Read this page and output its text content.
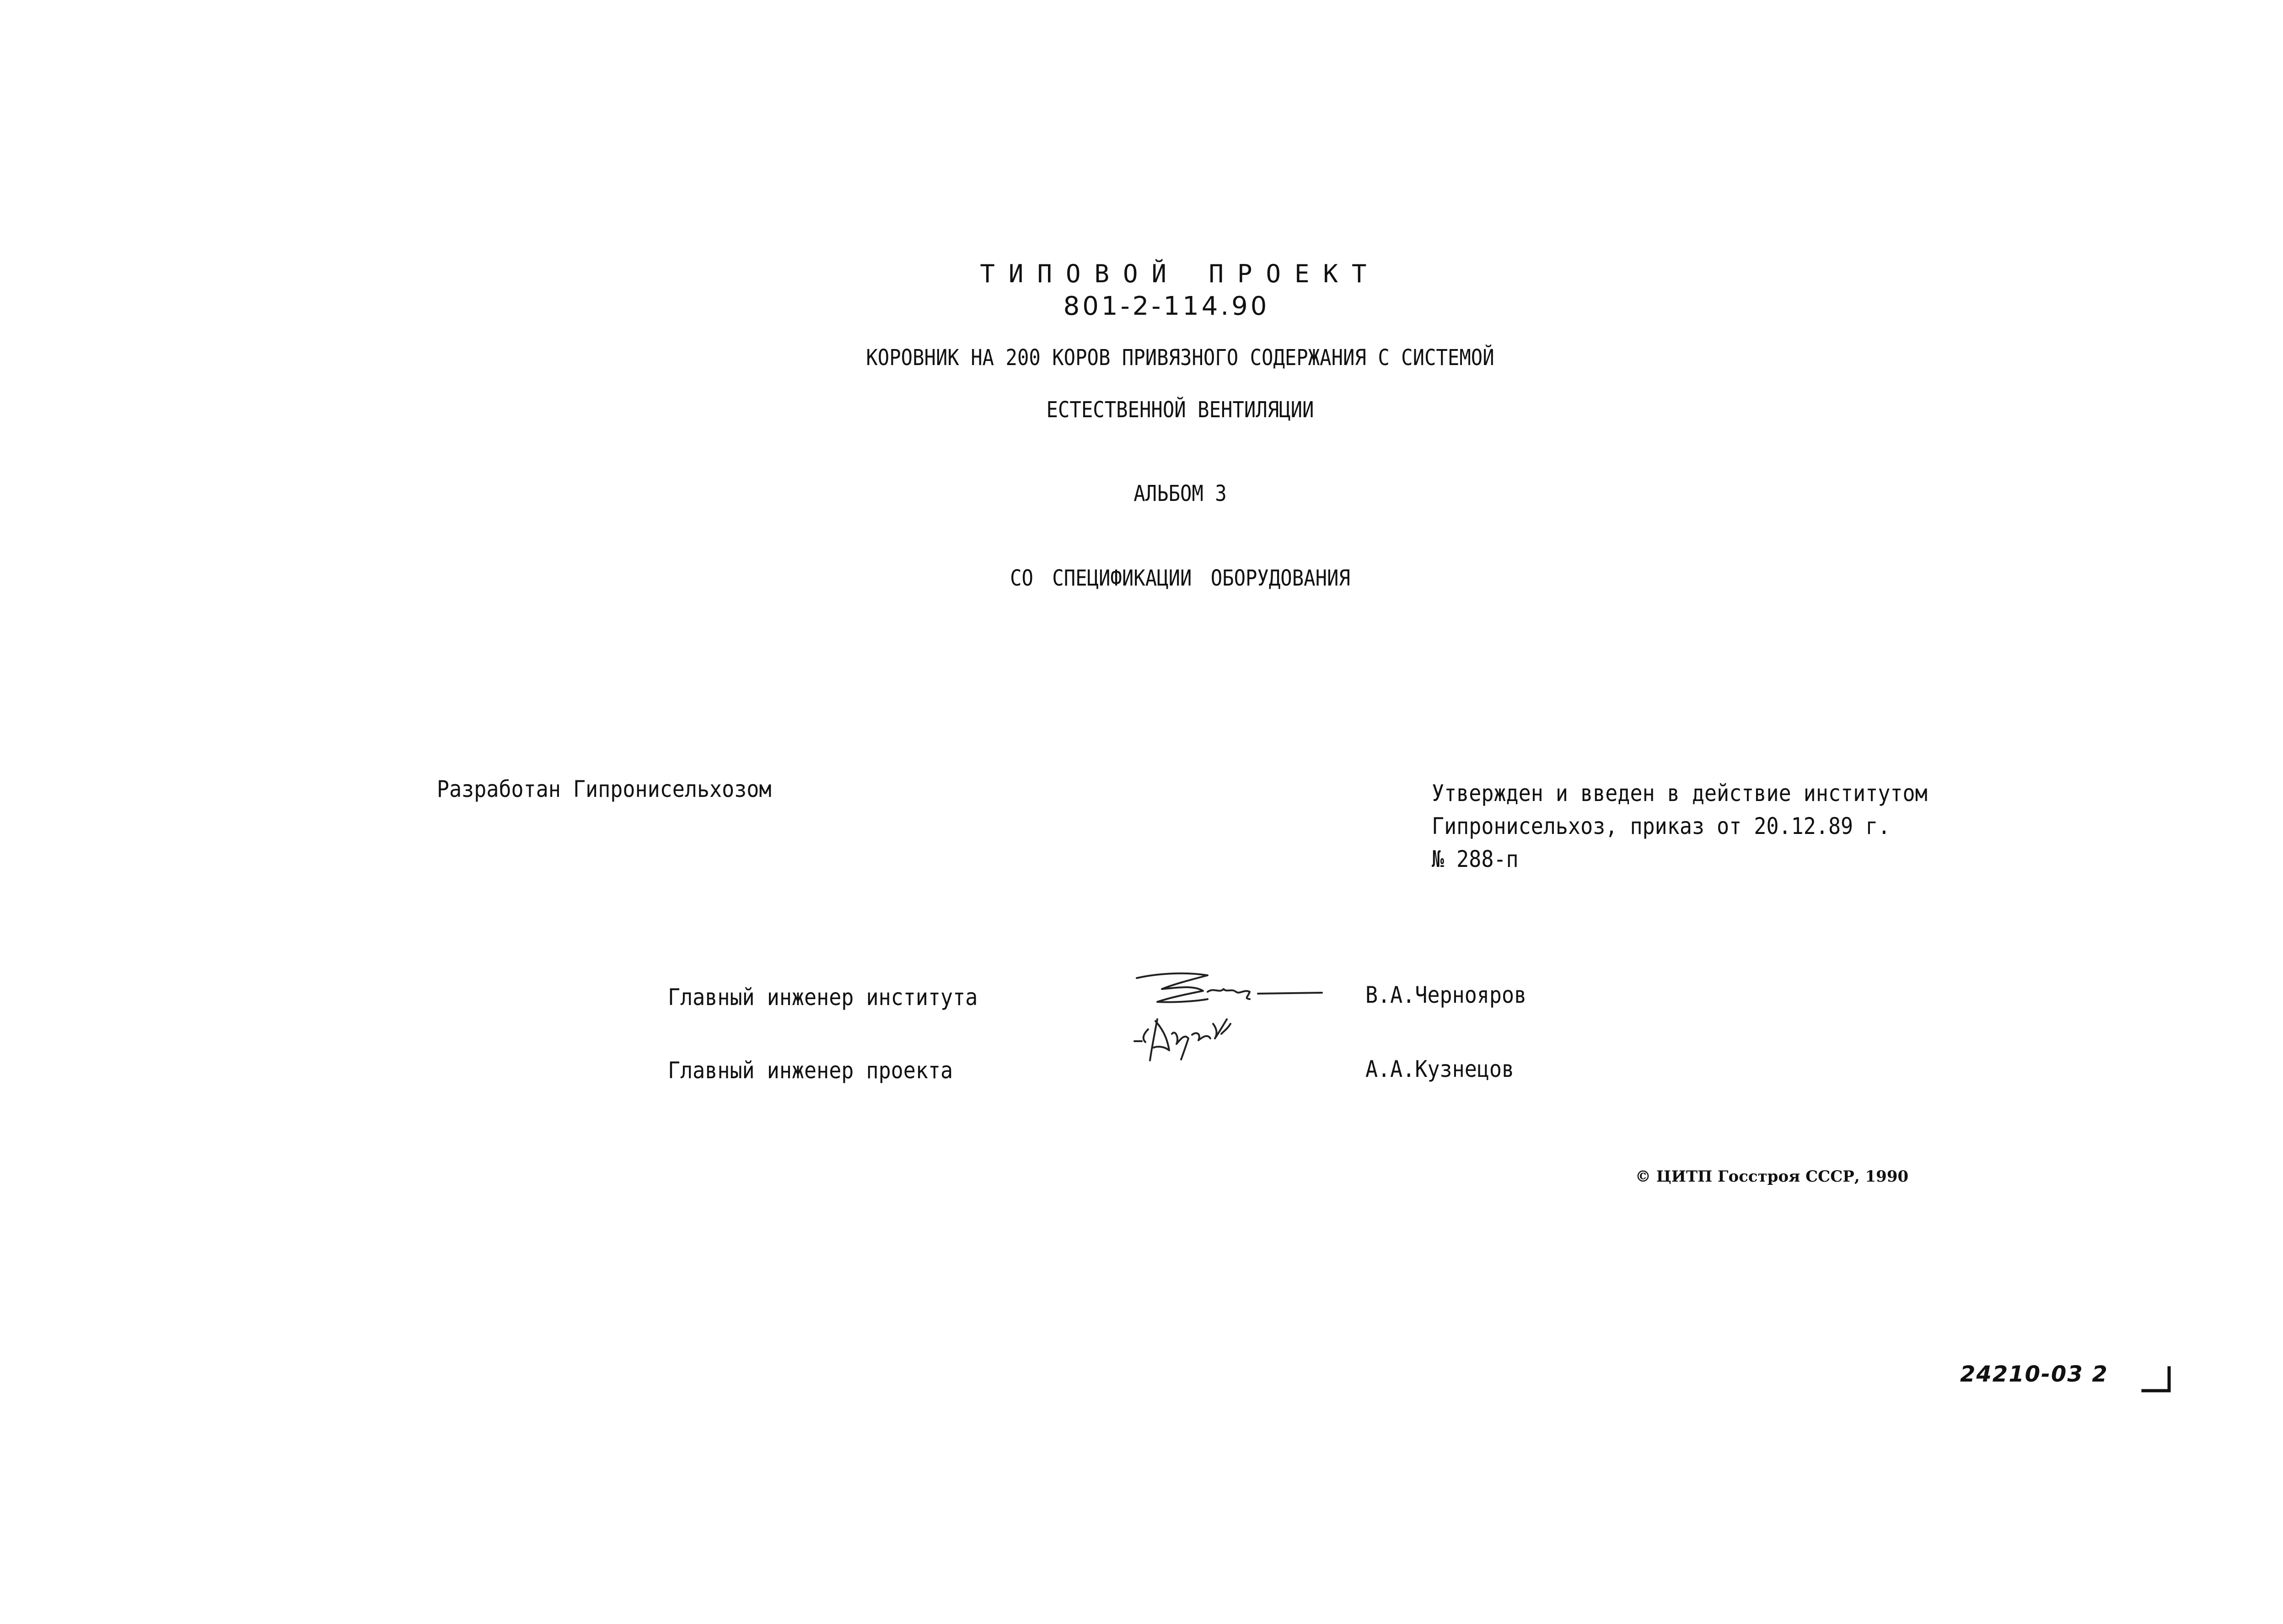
ТИПОВОЙ ПРОЕКТ
801-2-114.90
КОРОВНИК НА 200 КОРОВ ПРИВЯЗНОГО СОДЕРЖАНИЯ С СИСТЕМОЙ
ЕСТЕСТВЕННОЙ ВЕНТИЛЯЦИИ
АЛЬБОМ 3
СО СПЕЦИФИКАЦИИ ОБОРУДОВАНИЯ
Разработан Гипронисельхозом	Утвержден и введен в действие институтом
Гипронисельхоз, приказ от 20.12.89 г.
№ 288-п
Главный инженер института
Главный инженер проекта
В.А.Чернояров
А.А.Кузнецов
© ЦИТП Госстроя СССР, 1990
24210-03 2
